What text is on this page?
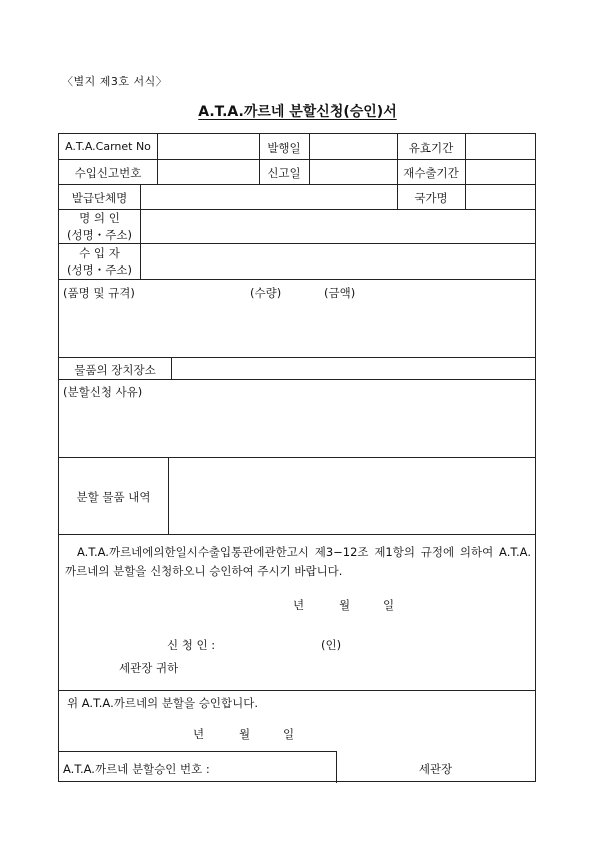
〈별지 제3호 서식〉
A.T.A.까르네 분할신청(승인)서
A.T.A.Carnet No	발행일	유효기간
수입신고번호	신고일	재수출기간
발급단체명	국가명
명 의 인
(성명・주소)
수 입 자
(성명・주소)
(품명 및 규격)	(수량)	(금액)
물품의 장치장소
(분할신청 사유)
분할 물품 내역
A.T.A.까르네에의한일시수출입통관에관한고시 제3−12조 제1항의 규정에 의하여 A.T.A.까르네의 분할을 신청하오니 승인하여 주시기 바랍니다.
년	월	일
신 청 인 :	(인)
세관장 귀하
위 A.T.A.까르네의 분할을 승인합니다.
년	월	일
A.T.A.까르네 분할승인 번호 :	세관장
